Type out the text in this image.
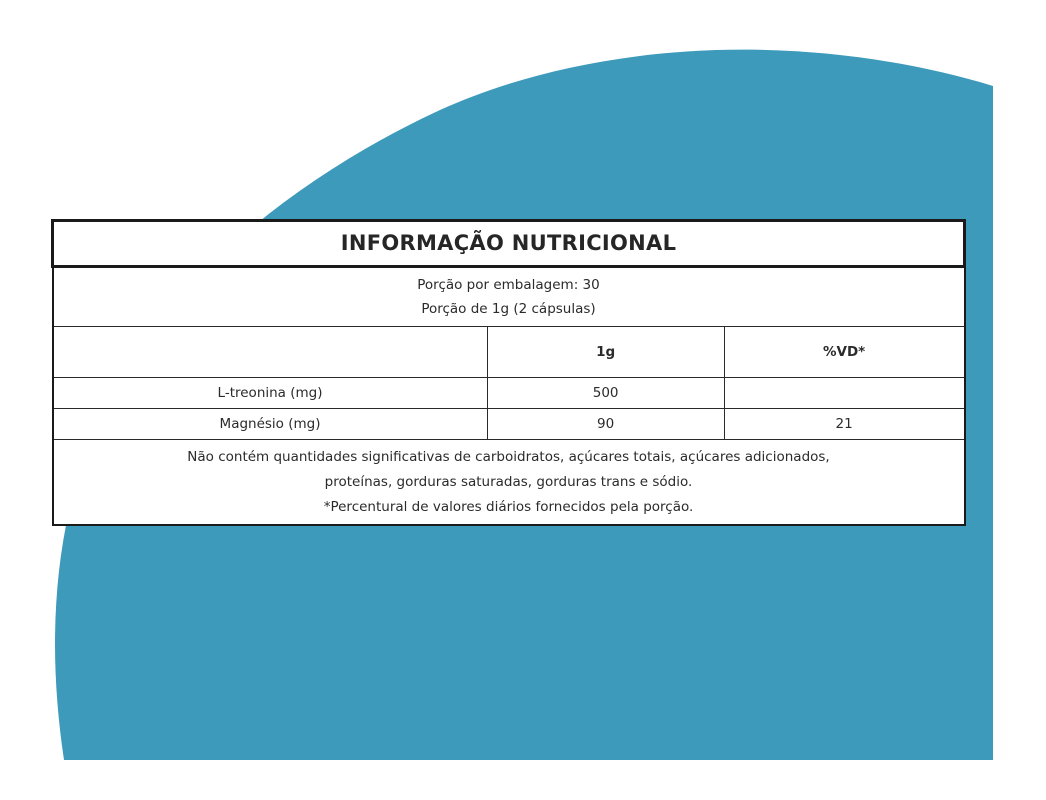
INFORMAÇÃO NUTRICIONAL		

Porção por embalagem: 30
Porção de 1g (2 cápsulas)		

	1g	%VD*
L-treonina (mg)	500	
Magnésio (mg)	90	21

Não contém quantidades significativas de carboidratos, açúcares totais, açúcares adicionados,
proteínas, gorduras saturadas, gorduras trans e sódio.
*Percentural de valores diários fornecidos pela porção.		
